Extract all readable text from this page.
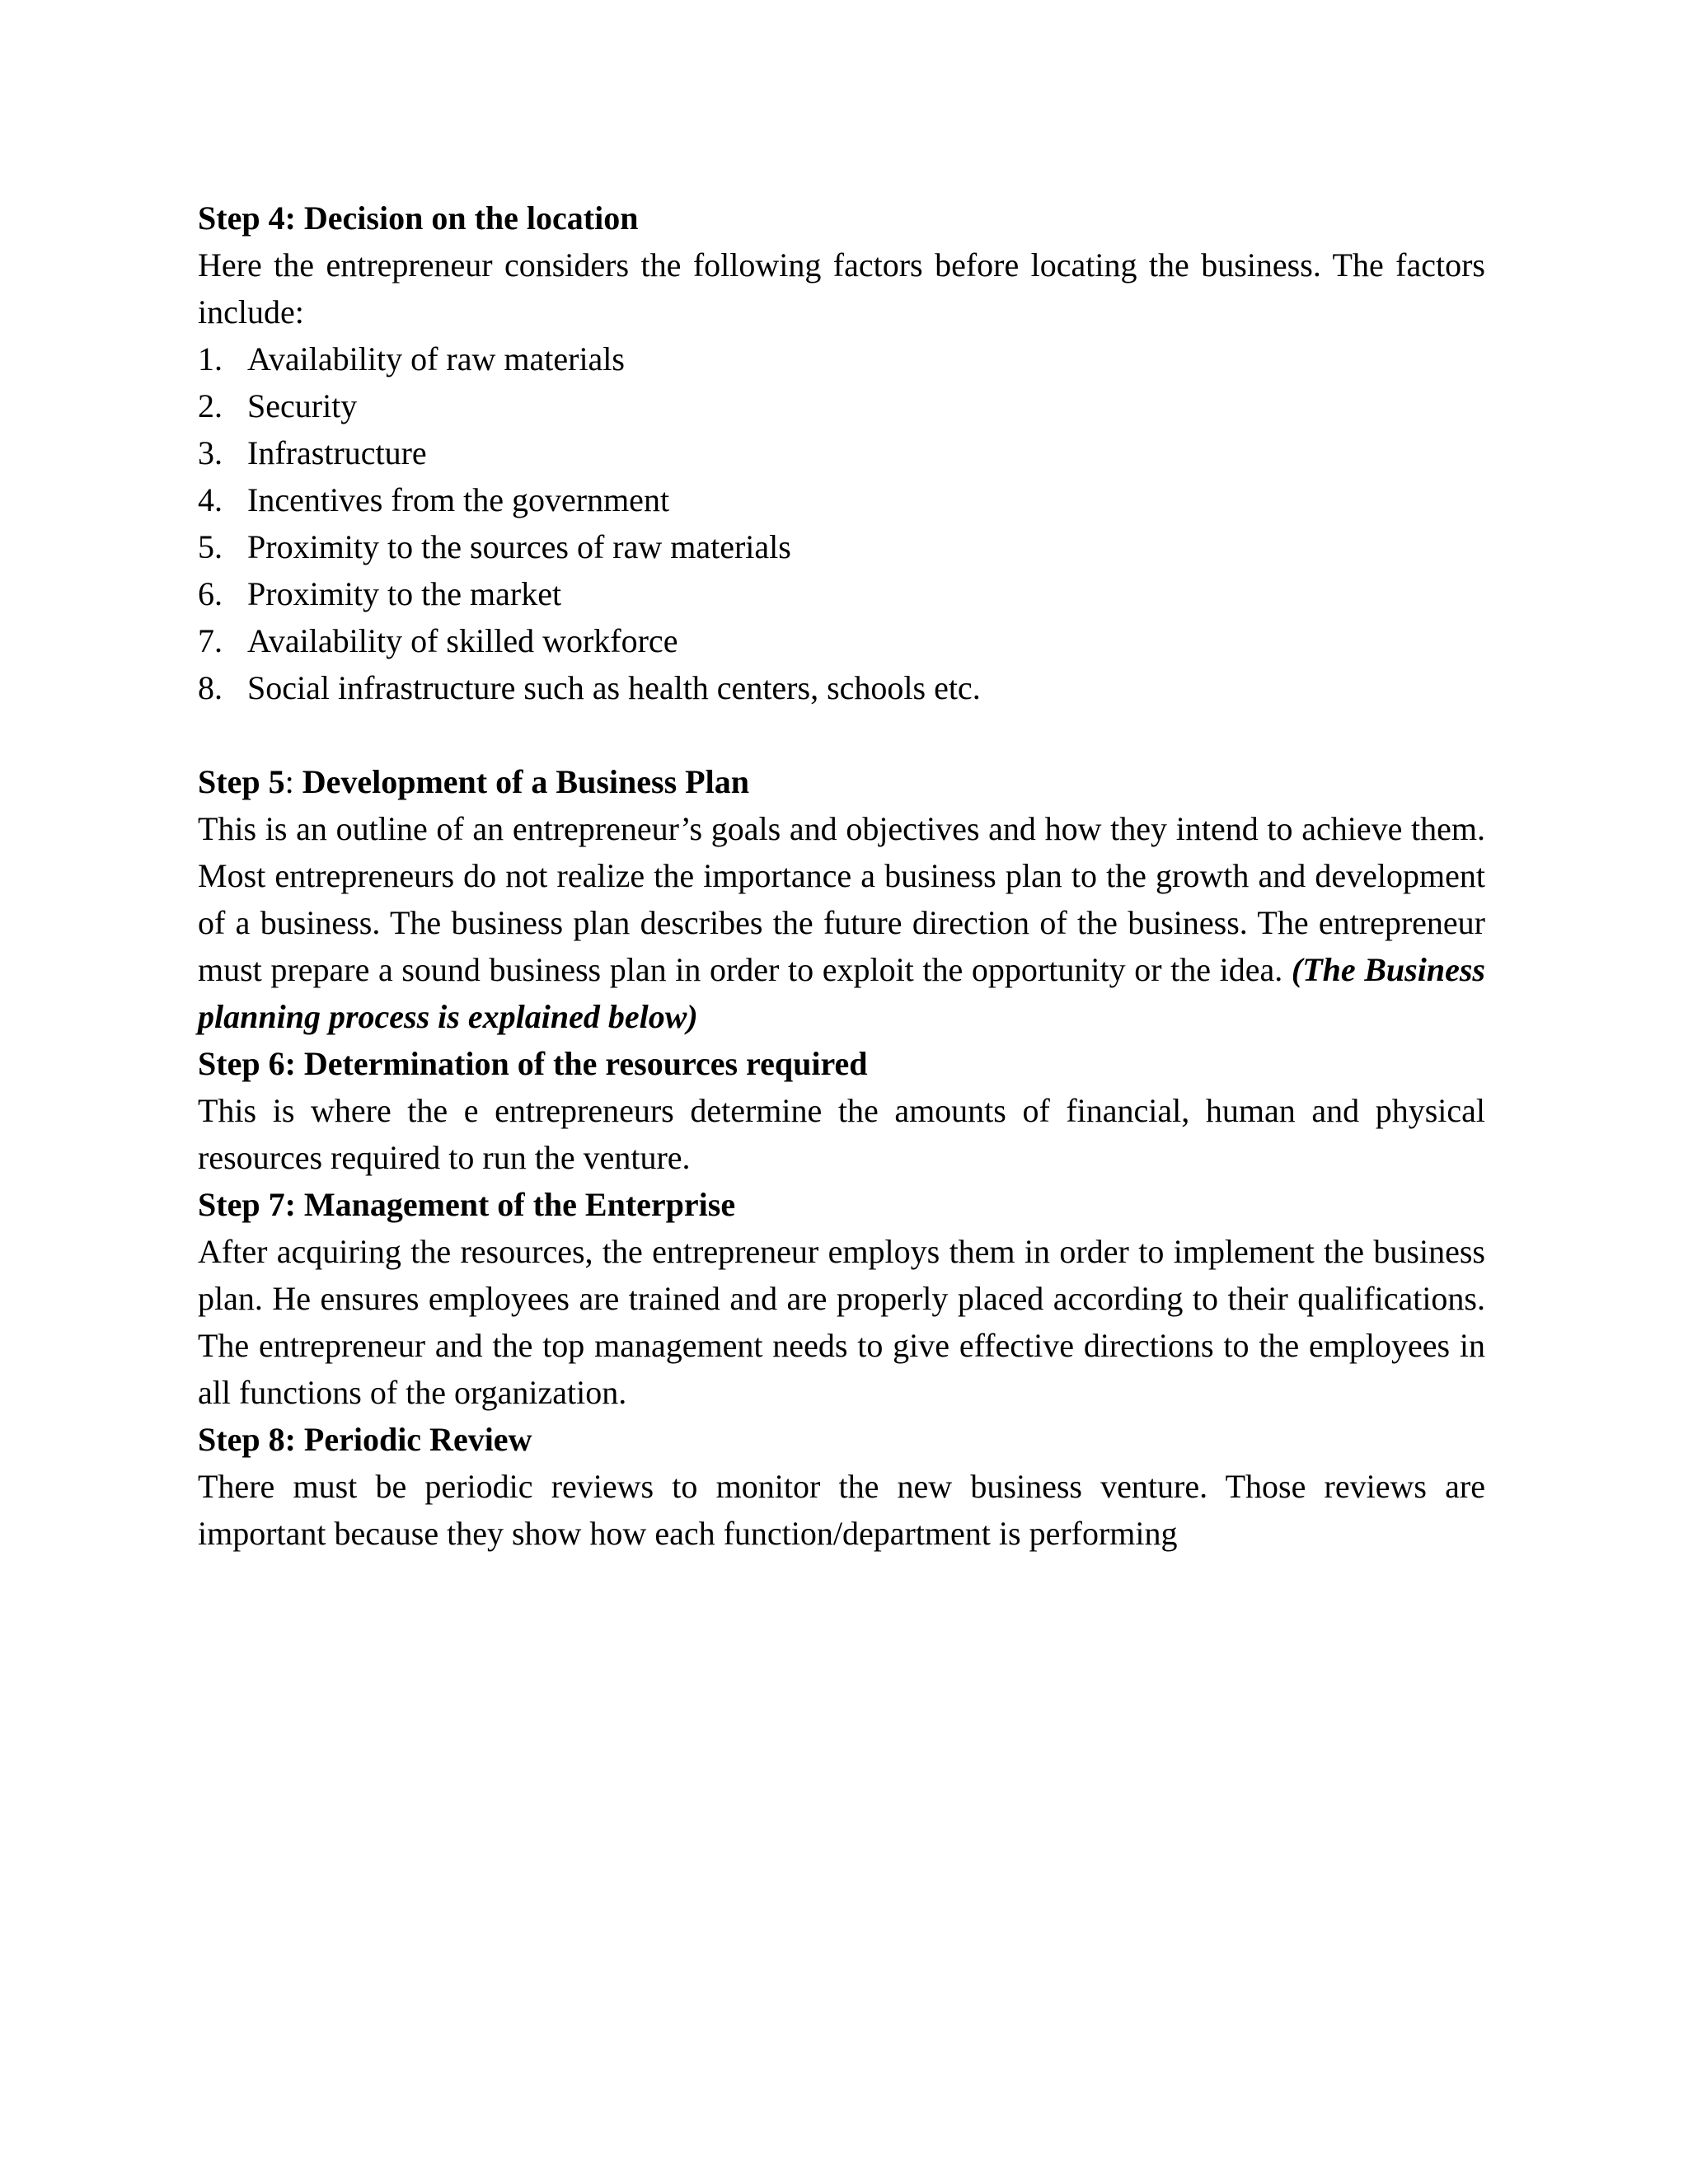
Step 4: Decision on the location

Here the entrepreneur considers the following factors before locating the business. The factors include:

1. Availability of raw materials
2. Security
3. Infrastructure
4. Incentives from the government
5. Proximity to the sources of raw materials
6. Proximity to the market
7. Availability of skilled workforce
8. Social infrastructure such as health centers, schools etc.

Step 5: Development of a Business Plan

This is an outline of an entrepreneur’s goals and objectives and how they intend to achieve them. Most entrepreneurs do not realize the importance a business plan to the growth and development of a business. The business plan describes the future direction of the business. The entrepreneur must prepare a sound business plan in order to exploit the opportunity or the idea. (The Business planning process is explained below)

Step 6: Determination of the resources required

This is where the e entrepreneurs determine the amounts of financial, human and physical resources required to run the venture.

Step 7: Management of the Enterprise

After acquiring the resources, the entrepreneur employs them in order to implement the business plan. He ensures employees are trained and are properly placed according to their qualifications. The entrepreneur and the top management needs to give effective directions to the employees in all functions of the organization.

Step 8: Periodic Review

There must be periodic reviews to monitor the new business venture. Those reviews are important because they show how each function/department is performing
